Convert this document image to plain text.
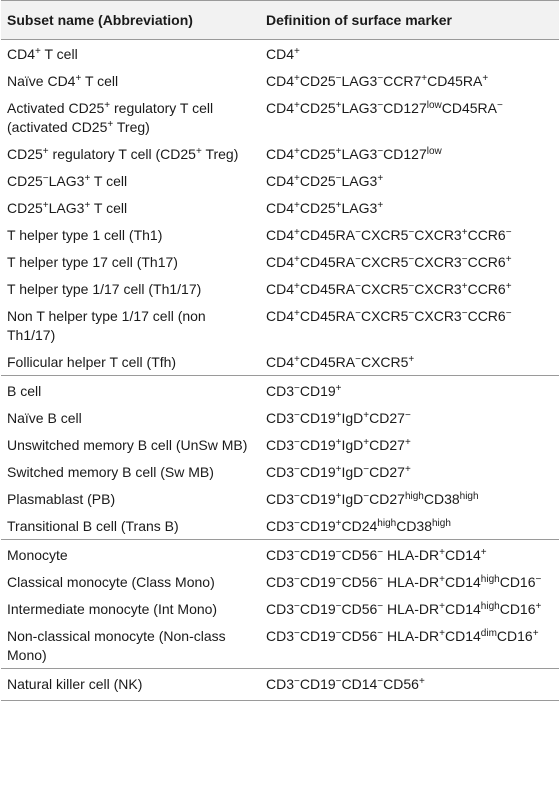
Subset name (Abbreviation)	Definition of surface marker
CD4+ T cell	CD4+
Naïve CD4+ T cell	CD4+CD25−LAG3−CCR7+CD45RA+
Activated CD25+ regulatory T cell (activated CD25+ Treg)	$CD4^+CD25^+LAG3^-CD127^{low}CD45RA^-$
CD25+ regulatory T cell (CD25+ Treg)	$CD4^+CD25^+LAG3^-CD127^{low}$
CD25−LAG3+ T cell	CD4+CD25−LAG3+
CD25+LAG3+ T cell	CD4+CD25+LAG3+
T helper type 1 cell (Th1)	CD4+CD45RA−CXCR5−CXCR3+CCR6−
T helper type 17 cell (Th17)	CD4+CD45RA−CXCR5−CXCR3−CCR6+
T helper type 1/17 cell (Th1/17)	CD4+CD45RA−CXCR5−CXCR3+CCR6+
Non T helper type 1/17 cell (non Th1/17)	CD4+CD45RA−CXCR5−CXCR3−CCR6−
Follicular helper T cell (Tfh)	CD4+CD45RA−CXCR5+
B cell	CD3−CD19+
Naïve B cell	CD3−CD19+IgD+CD27−
Unswitched memory B cell (UnSw MB)	CD3−CD19+IgD+CD27+
Switched memory B cell (Sw MB)	CD3−CD19+IgD−CD27+
Plasmablast (PB)	$CD3^-CD19^+IgD^-CD27^{high}CD38^{high}$
Transitional B cell (Trans B)	$CD3^-CD19^+CD24^{high}CD38^{high}$
Monocyte	CD3−CD19−CD56− HLA-DR+CD14+
Classical monocyte (Class Mono)	CD3−CD19−CD56− HLA-$DR^+CD14^{high}CD16^-$
Intermediate monocyte (Int Mono)	CD3−CD19−CD56− HLA-$DR^+CD14^{high}CD16^+$
Non-classical monocyte (Non-class Mono)	CD3−CD19−CD56− HLA-$DR^+CD14^{dim}CD16^+$
Natural killer cell (NK)	CD3−CD19−CD14−CD56+
